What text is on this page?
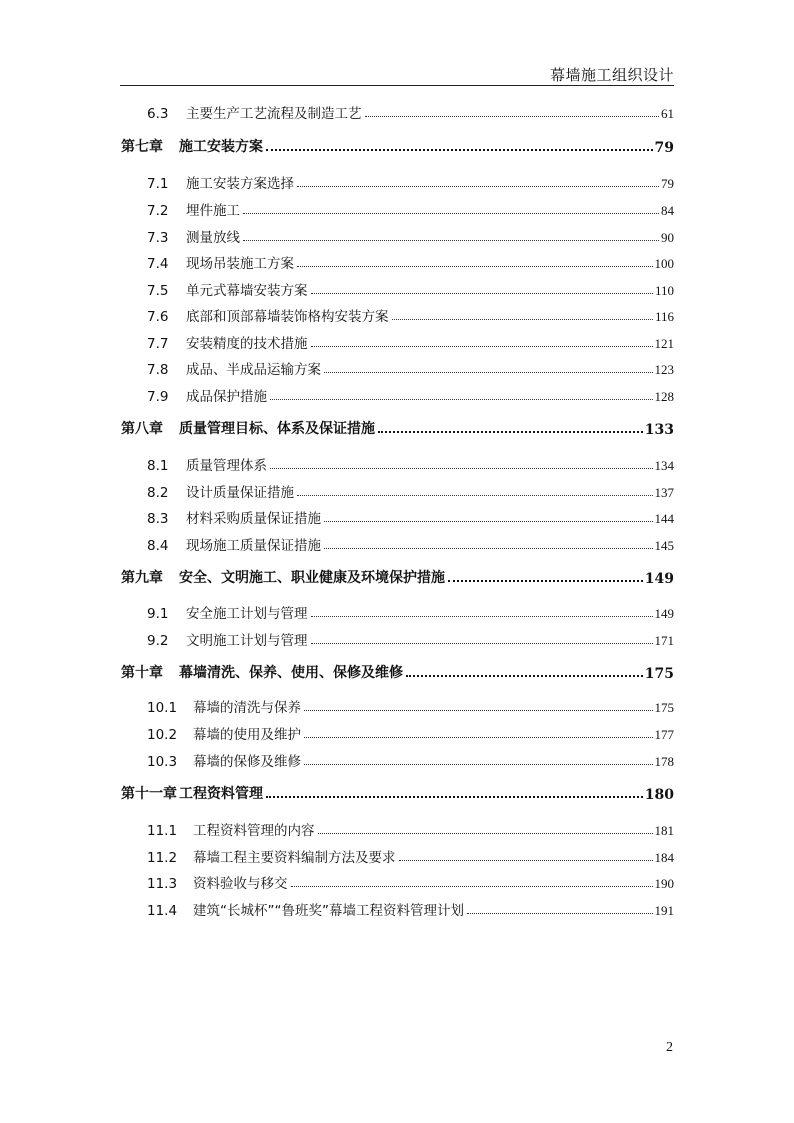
幕墙施工组织设计
6.3	主要生产工艺流程及制造工艺	61
第七章	施工安装方案	79
7.1	施工安装方案选择	79
7.2	埋件施工	84
7.3	测量放线	90
7.4	现场吊装施工方案	100
7.5	单元式幕墙安装方案	110
7.6	底部和顶部幕墙装饰格构安装方案	116
7.7	安装精度的技术措施	121
7.8	成品、半成品运输方案	123
7.9	成品保护措施	128
第八章	质量管理目标、体系及保证措施	133
8.1	质量管理体系	134
8.2	设计质量保证措施	137
8.3	材料采购质量保证措施	144
8.4	现场施工质量保证措施	145
第九章	安全、文明施工、职业健康及环境保护措施	149
9.1	安全施工计划与管理	149
9.2	文明施工计划与管理	171
第十章	幕墙清洗、保养、使用、保修及维修	175
10.1	幕墙的清洗与保养	175
10.2	幕墙的使用及维护	177
10.3	幕墙的保修及维修	178
第十一章 工程资料管理	180
11.1	工程资料管理的内容	181
11.2	幕墙工程主要资料编制方法及要求	184
11.3	资料验收与移交	190
11.4	建筑“长城杯”“鲁班奖”幕墙工程资料管理计划	191
2
